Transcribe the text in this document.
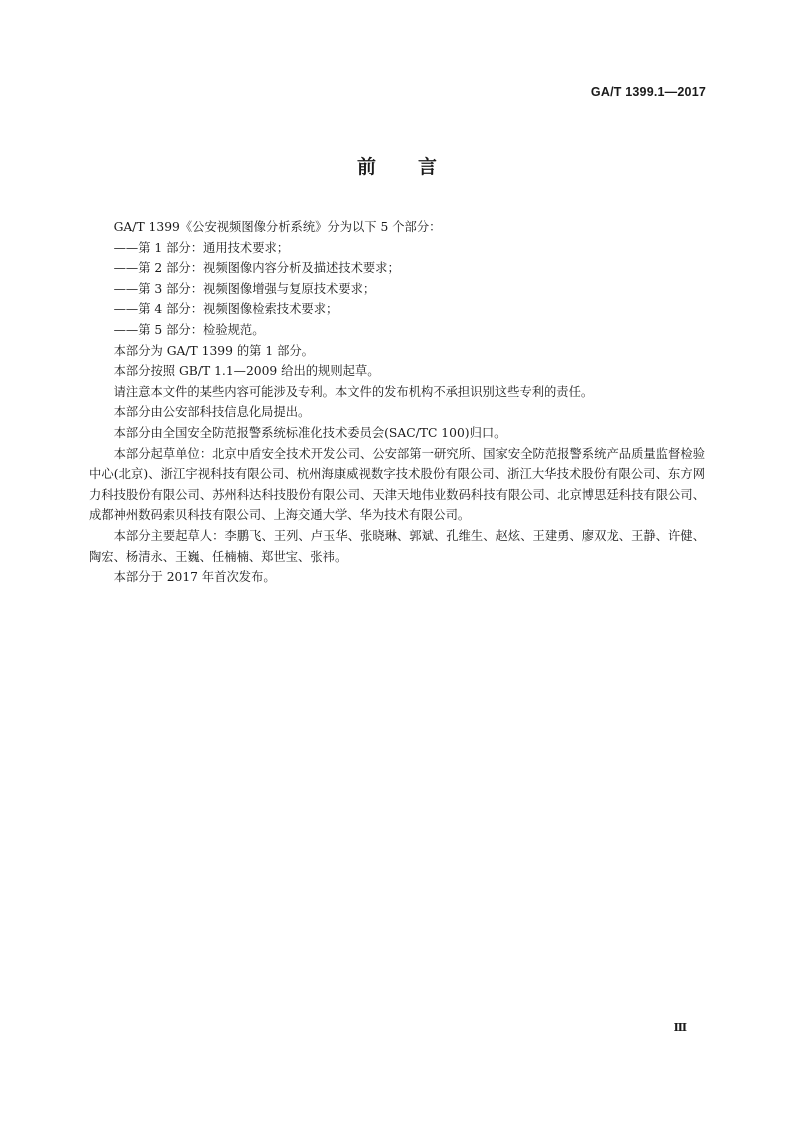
GA/T 1399.1—2017
前言

GA/T 1399《公安视频图像分析系统》分为以下 5 个部分：

——第 1 部分：通用技术要求；

——第 2 部分：视频图像内容分析及描述技术要求；

——第 3 部分：视频图像增强与复原技术要求；

——第 4 部分：视频图像检索技术要求；

——第 5 部分：检验规范。

本部分为 GA/T 1399 的第 1 部分。

本部分按照 GB/T 1.1—2009 给出的规则起草。

请注意本文件的某些内容可能涉及专利。本文件的发布机构不承担识别这些专利的责任。

本部分由公安部科技信息化局提出。

本部分由全国安全防范报警系统标准化技术委员会(SAC/TC 100)归口。

本部分起草单位：北京中盾安全技术开发公司、公安部第一研究所、国家安全防范报警系统产品质量监督检验中心(北京)、浙江宇视科技有限公司、杭州海康威视数字技术股份有限公司、浙江大华技术股份有限公司、东方网力科技股份有限公司、苏州科达科技股份有限公司、天津天地伟业数码科技有限公司、北京博思廷科技有限公司、成都神州数码索贝科技有限公司、上海交通大学、华为技术有限公司。

本部分主要起草人：李鹏飞、王列、卢玉华、张晓琳、郭斌、孔维生、赵炫、王建勇、廖双龙、王静、许健、陶宏、杨清永、王巍、任楠楠、郑世宝、张祎。

本部分于 2017 年首次发布。

Ⅲ
